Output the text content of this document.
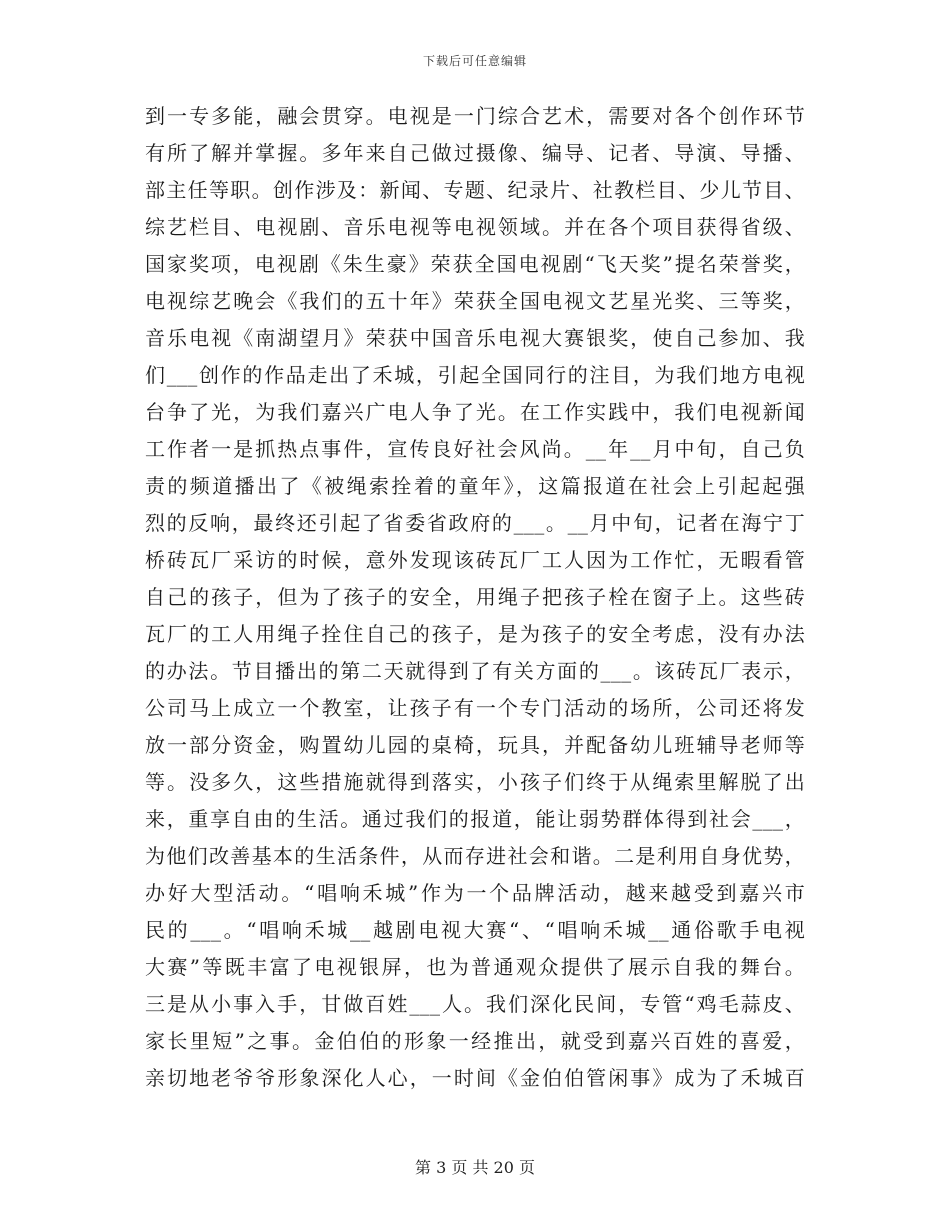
下载后可任意编辑
到一专多能，融会贯穿。电视是一门综合艺术，需要对各个创作环节
有所了解并掌握。多年来自己做过摄像、编导、记者、导演、导播、
部主任等职。创作涉及：新闻、专题、纪录片、社教栏目、少儿节目、
综艺栏目、电视剧、音乐电视等电视领域。并在各个项目获得省级、
国家奖项，电视剧《朱生豪》荣获全国电视剧“飞天奖”提名荣誉奖，
电视综艺晚会《我们的五十年》荣获全国电视文艺星光奖、三等奖，
音乐电视《南湖望月》荣获中国音乐电视大赛银奖，使自己参加、我
们___创作的作品走出了禾城，引起全国同行的注目，为我们地方电视
台争了光，为我们嘉兴广电人争了光。在工作实践中，我们电视新闻
工作者一是抓热点事件，宣传良好社会风尚。__年__月中旬，自己负
责的频道播出了《被绳索拴着的童年》，这篇报道在社会上引起起强
烈的反响，最终还引起了省委省政府的___。__月中旬，记者在海宁丁
桥砖瓦厂采访的时候，意外发现该砖瓦厂工人因为工作忙，无暇看管
自己的孩子，但为了孩子的安全，用绳子把孩子栓在窗子上。这些砖
瓦厂的工人用绳子拴住自己的孩子，是为孩子的安全考虑，没有办法
的办法。节目播出的第二天就得到了有关方面的___。该砖瓦厂表示，
公司马上成立一个教室，让孩子有一个专门活动的场所，公司还将发
放一部分资金，购置幼儿园的桌椅，玩具，并配备幼儿班辅导老师等
等。没多久，这些措施就得到落实，小孩子们终于从绳索里解脱了出
来，重享自由的生活。通过我们的报道，能让弱势群体得到社会___，
为他们改善基本的生活条件，从而存进社会和谐。二是利用自身优势，
办好大型活动。“唱响禾城”作为一个品牌活动，越来越受到嘉兴市
民的___。“唱响禾城__越剧电视大赛“、“唱响禾城__通俗歌手电视
大赛”等既丰富了电视银屏，也为普通观众提供了展示自我的舞台。
三是从小事入手，甘做百姓___人。我们深化民间，专管“鸡毛蒜皮、
家长里短”之事。金伯伯的形象一经推出，就受到嘉兴百姓的喜爱，
亲切地老爷爷形象深化人心，一时间《金伯伯管闲事》成为了禾城百
第 3 页 共 20 页
